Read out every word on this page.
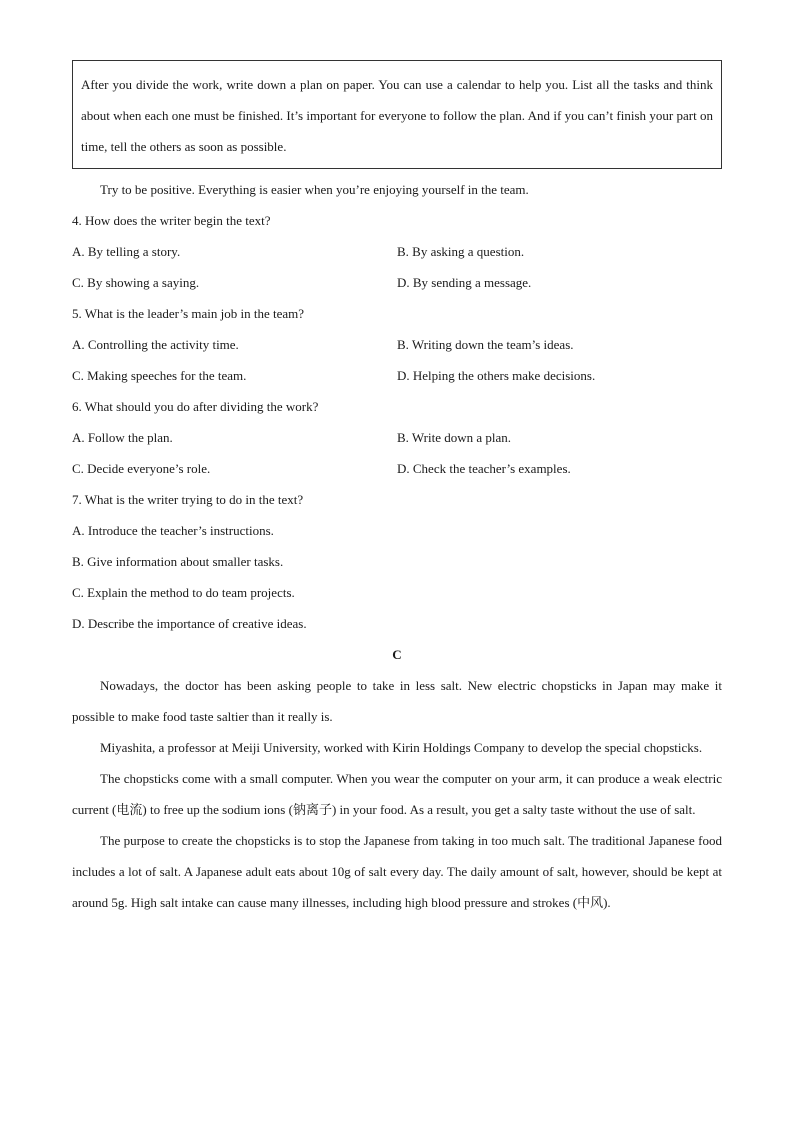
After you divide the work, write down a plan on paper. You can use a calendar to help you. List all the tasks and think about when each one must be finished. It’s important for everyone to follow the plan. And if you can’t finish your part on time, tell the others as soon as possible.
Try to be positive. Everything is easier when you’re enjoying yourself in the team.
4. How does the writer begin the text?
A. By telling a story.	B. By asking a question.
C. By showing a saying.	D. By sending a message.
5. What is the leader’s main job in the team?
A. Controlling the activity time.	B. Writing down the team’s ideas.
C. Making speeches for the team.	D. Helping the others make decisions.
6. What should you do after dividing the work?
A. Follow the plan.	B. Write down a plan.
C. Decide everyone’s role.	D. Check the teacher’s examples.
7. What is the writer trying to do in the text?
A. Introduce the teacher’s instructions.
B. Give information about smaller tasks.
C. Explain the method to do team projects.
D. Describe the importance of creative ideas.
C
Nowadays, the doctor has been asking people to take in less salt. New electric chopsticks in Japan may make it possible to make food taste saltier than it really is.
Miyashita, a professor at Meiji University, worked with Kirin Holdings Company to develop the special chopsticks.
The chopsticks come with a small computer. When you wear the computer on your arm, it can produce a weak electric current (电流) to free up the sodium ions (钠离子) in your food. As a result, you get a salty taste without the use of salt.
The purpose to create the chopsticks is to stop the Japanese from taking in too much salt. The traditional Japanese food includes a lot of salt. A Japanese adult eats about 10g of salt every day. The daily amount of salt, however, should be kept at around 5g. High salt intake can cause many illnesses, including high blood pressure and strokes (中风).
